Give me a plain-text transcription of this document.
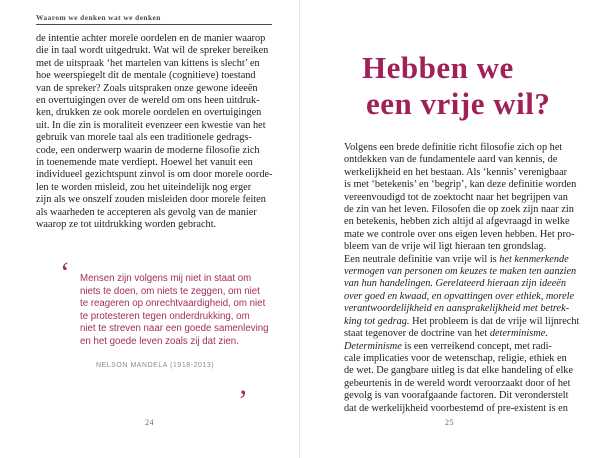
Waarom we denken wat we denken

de intentie achter morele oordelen en de manier waarop
die in taal wordt uitgedrukt. Wat wil de spreker bereiken
met de uitspraak ‘het martelen van kittens is slecht’ en
hoe weerspiegelt dit de mentale (cognitieve) toestand
van de spreker? Zoals uitspraken onze gewone ideeën
en overtuigingen over de wereld om ons heen uitdruk-
ken, drukken ze ook morele oordelen en overtuigingen
uit. In die zin is moraliteit evenzeer een kwestie van het
gebruik van morele taal als een traditionele gedrags-
code, een onderwerp waarin de moderne filosofie zich
in toenemende mate verdiept. Hoewel het vanuit een
individueel gezichtspunt zinvol is om door morele oorde-
len te worden misleid, zou het uiteindelijk nog erger
zijn als we onszelf zouden misleiden door morele feiten
als waarheden te accepteren als gevolg van de manier
waarop ze tot uitdrukking worden gebracht.

‘ Mensen zijn volgens mij niet in staat om
niets te doen, om niets te zeggen, om niet
te reageren op onrechtvaardigheid, om niet
te protesteren tegen onderdrukking, om
niet te streven naar een goede samenleving
en het goede leven zoals zij dat zien.

NELSON MANDELA (1918-2013)

’
24
Hebben we
een vrije wil?

Volgens een brede definitie richt filosofie zich op het
ontdekken van de fundamentele aard van kennis, de
werkelijkheid en het bestaan. Als ‘kennis’ verenigbaar
is met ‘betekenis’ en ‘begrip’, kan deze definitie worden
vereenvoudigd tot de zoektocht naar het begrijpen van
de zin van het leven. Filosofen die op zoek zijn naar zin
en betekenis, hebben zich altijd al afgevraagd in welke
mate we controle over ons eigen leven hebben. Het pro-
bleem van de vrije wil ligt hieraan ten grondslag.
Een neutrale definitie van vrije wil is het kenmerkende
vermogen van personen om keuzes te maken ten aanzien
van hun handelingen. Gerelateerd hieraan zijn ideeën
over goed en kwaad, en opvattingen over ethiek, morele
verantwoordelijkheid en aansprakelijkheid met betrek-
king tot gedrag. Het probleem is dat de vrije wil lijnrecht
staat tegenover de doctrine van het determinisme.
Determinisme is een verreikend concept, met radi-
cale implicaties voor de wetenschap, religie, ethiek en
de wet. De gangbare uitleg is dat elke handeling of elke
gebeurtenis in de wereld wordt veroorzaakt door of het
gevolg is van voorafgaande factoren. Dit veronderstelt
dat de werkelijkheid voorbestemd of pre-existent is en

25
